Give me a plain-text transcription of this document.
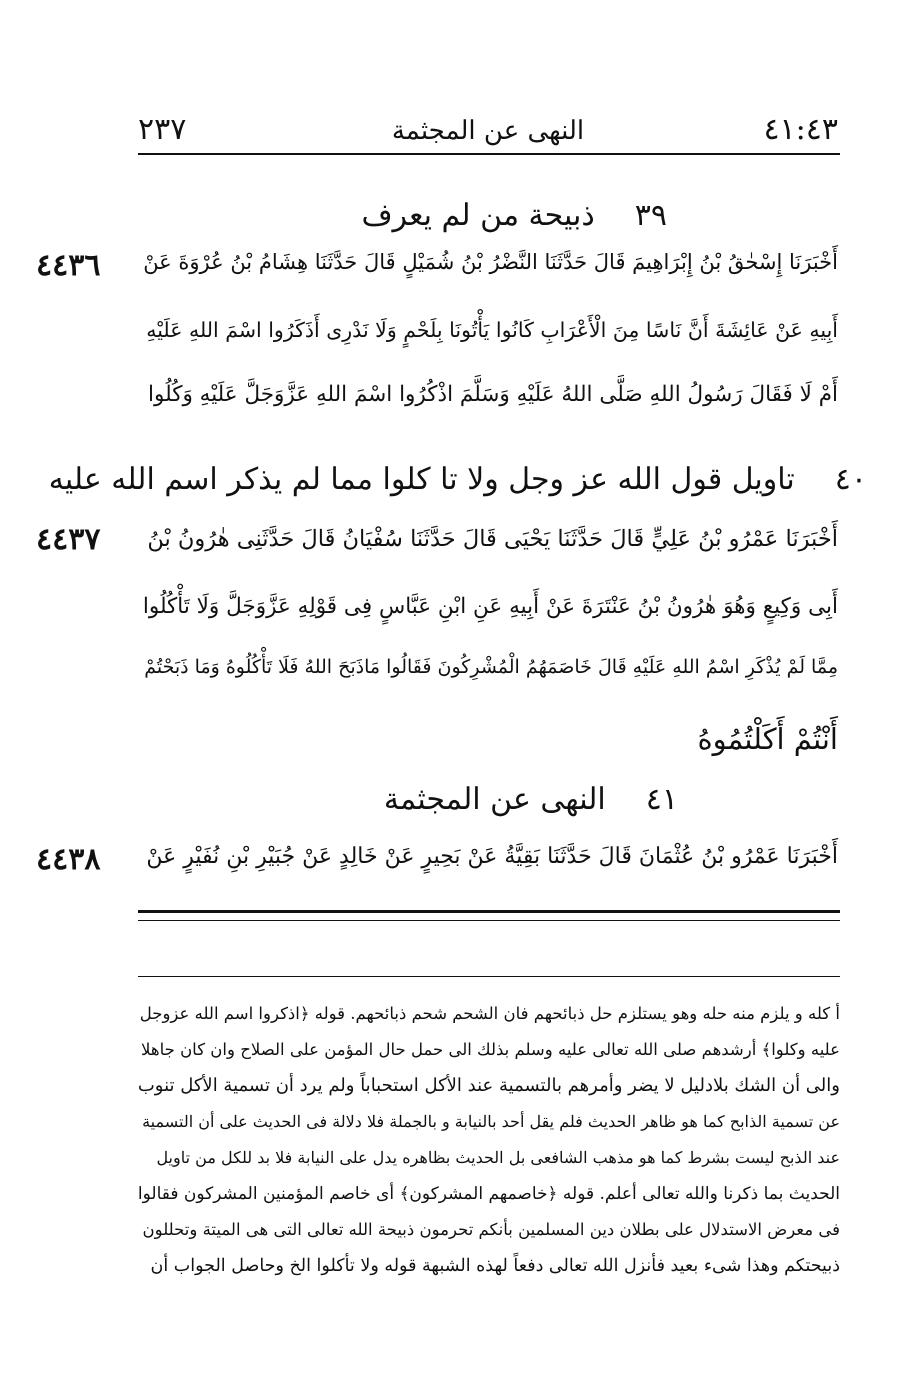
٢٣٧	النهى عن المجثمة	٤١:٤٣
٣٩ذبيحة من لم يعرف
٤٤٣٦ أَخْبَرَنَا إِسْحٰقُ بْنُ إِبْرَاهِيمَ قَالَ حَدَّثَنَا النَّضْرُ بْنُ شُمَيْلٍ قَالَ حَدَّثَنَا هِشَامُ بْنُ عُرْوَةَ عَنْ
أَبِيهِ عَنْ عَائِشَةَ أَنَّ نَاسًا مِنَ الْأَعْرَابِ كَانُوا يَأْتُونَا بِلَحْمٍ وَلَا نَدْرِى أَذَكَرُوا اسْمَ اللهِ عَلَيْهِ
أَمْ لَا فَقَالَ رَسُولُ اللهِ صَلَّى اللهُ عَلَيْهِ وَسَلَّمَ اذْكُرُوا اسْمَ اللهِ عَزَّوَجَلَّ عَلَيْهِ وَكُلُوا
٤٠تاويل قول الله عز وجل ولا تا كلوا مما لم يذكر اسم الله عليه
٤٤٣٧	أَخْبَرَنَا عَمْرُو بْنُ عَلِيٍّ قَالَ حَدَّثَنَا يَحْيَى قَالَ حَدَّثَنَا سُفْيَانُ قَالَ حَدَّثَنِى هٰرُونُ بْنُ
أَبِى وَكِيعٍ وَهُوَ هٰرُونُ بْنُ عَنْتَرَةَ عَنْ أَبِيهِ عَنِ ابْنِ عَبَّاسٍ فِى قَوْلِهِ عَزَّوَجَلَّ وَلَا تَأْكُلُوا
مِمَّا لَمْ يُذْكَرِ اسْمُ اللهِ عَلَيْهِ قَالَ خَاصَمَهُمُ الْمُشْرِكُونَ فَقَالُوا مَاذَبَحَ اللهُ فَلَا تَأْكُلُوهُ وَمَا ذَبَحْتُمْ
أَنْتُمْ أَكَلْتُمُوهُ
٤١النهى عن المجثمة
٤٤٣٨	أَخْبَرَنَا عَمْرُو بْنُ عُثْمَانَ قَالَ حَدَّثَنَا بَقِيَّةُ عَنْ بَحِيرٍ عَنْ خَالِدٍ عَنْ جُبَيْرِ بْنِ نُفَيْرٍ عَنْ
أ كله و يلزم منه حله وهو يستلزم حل ذبائحهم فان الشحم شحم ذبائحهم. قوله ﴿اذكروا اسم الله عزوجل
عليه وكلوا﴾ أرشدهم صلى الله تعالى عليه وسلم بذلك الى حمل حال المؤمن على الصلاح وان كان جاهلا
والى أن الشك بلادليل لا يضر وأمرهم بالتسمية عند الأكل استحباباً ولم يرد أن تسمية الأكل تنوب
عن تسمية الذابح كما هو ظاهر الحديث فلم يقل أحد بالنيابة و بالجملة فلا دلالة فى الحديث على أن التسمية
عند الذبح ليست بشرط كما هو مذهب الشافعى بل الحديث بظاهره يدل على النيابة فلا بد للكل من تاويل
الحديث بما ذكرنا والله تعالى أعلم. قوله ﴿خاصمهم المشركون﴾ أى خاصم المؤمنين المشركون فقالوا
فى معرض الاستدلال على بطلان دين المسلمين بأنكم تحرمون ذبيحة الله تعالى التى هى الميتة وتحللون
ذبيحتكم وهذا شىء بعيد فأنزل الله تعالى دفعاً لهذه الشبهة قوله ولا تأكلوا الخ وحاصل الجواب أن
